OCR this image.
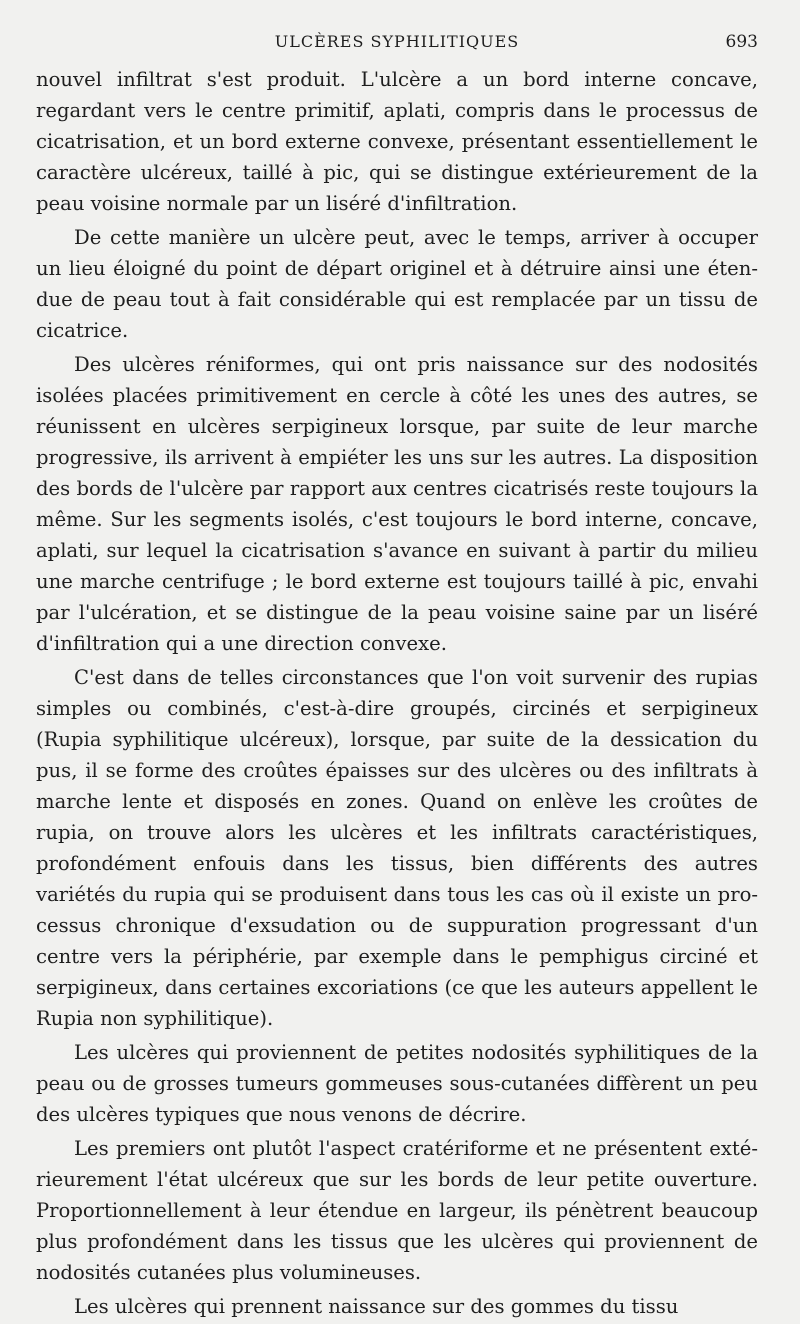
ULCÈRES SYPHILITIQUES	693

nouvel infiltrat s'est produit. L'ulcère a un bord interne concave, regardant vers le centre primitif, aplati, compris dans le processus de cicatrisation, et un bord externe convexe, présentant essentiellement le caractère ulcéreux, taillé à pic, qui se distingue extérieurement de la peau voisine normale par un liséré d'infiltration.

De cette manière un ulcère peut, avec le temps, arriver à occuper un lieu éloigné du point de départ originel et à détruire ainsi une étendue de peau tout à fait considérable qui est remplacée par un tissu de cicatrice.

Des ulcères réniformes, qui ont pris naissance sur des nodosités isolées placées primitivement en cercle à côté les unes des autres, se réunissent en ulcères serpigineux lorsque, par suite de leur marche progressive, ils arrivent à empiéter les uns sur les autres. La disposition des bords de l'ulcère par rapport aux centres cicatrisés reste toujours la même. Sur les segments isolés, c'est toujours le bord interne, concave, aplati, sur lequel la cicatrisation s'avance en suivant à partir du milieu une marche centrifuge ; le bord externe est toujours taillé à pic, envahi par l'ulcération, et se distingue de la peau voisine saine par un liséré d'infiltration qui a une direction convexe.

C'est dans de telles circonstances que l'on voit survenir des rupias simples ou combinés, c'est-à-dire groupés, circinés et serpigineux (Rupia syphilitique ulcéreux), lorsque, par suite de la dessication du pus, il se forme des croûtes épaisses sur des ulcères ou des infiltrats à marche lente et disposés en zones. Quand on enlève les croûtes de rupia, on trouve alors les ulcères et les infiltrats caractéristiques, profondément enfouis dans les tissus, bien différents des autres variétés du rupia qui se produisent dans tous les cas où il existe un processus chronique d'exsudation ou de suppuration progressant d'un centre vers la périphérie, par exemple dans le pemphigus circiné et serpigineux, dans certaines excoriations (ce que les auteurs appellent le Rupia non syphilitique).

Les ulcères qui proviennent de petites nodosités syphilitiques de la peau ou de grosses tumeurs gommeuses sous-cutanées diffèrent un peu des ulcères typiques que nous venons de décrire.

Les premiers ont plutôt l'aspect cratériforme et ne présentent extérieurement l'état ulcéreux que sur les bords de leur petite ouverture. Proportionnellement à leur étendue en largeur, ils pénètrent beaucoup plus profondément dans les tissus que les ulcères qui proviennent de nodosités cutanées plus volumineuses.

Les ulcères qui prennent naissance sur des gommes du tissu
